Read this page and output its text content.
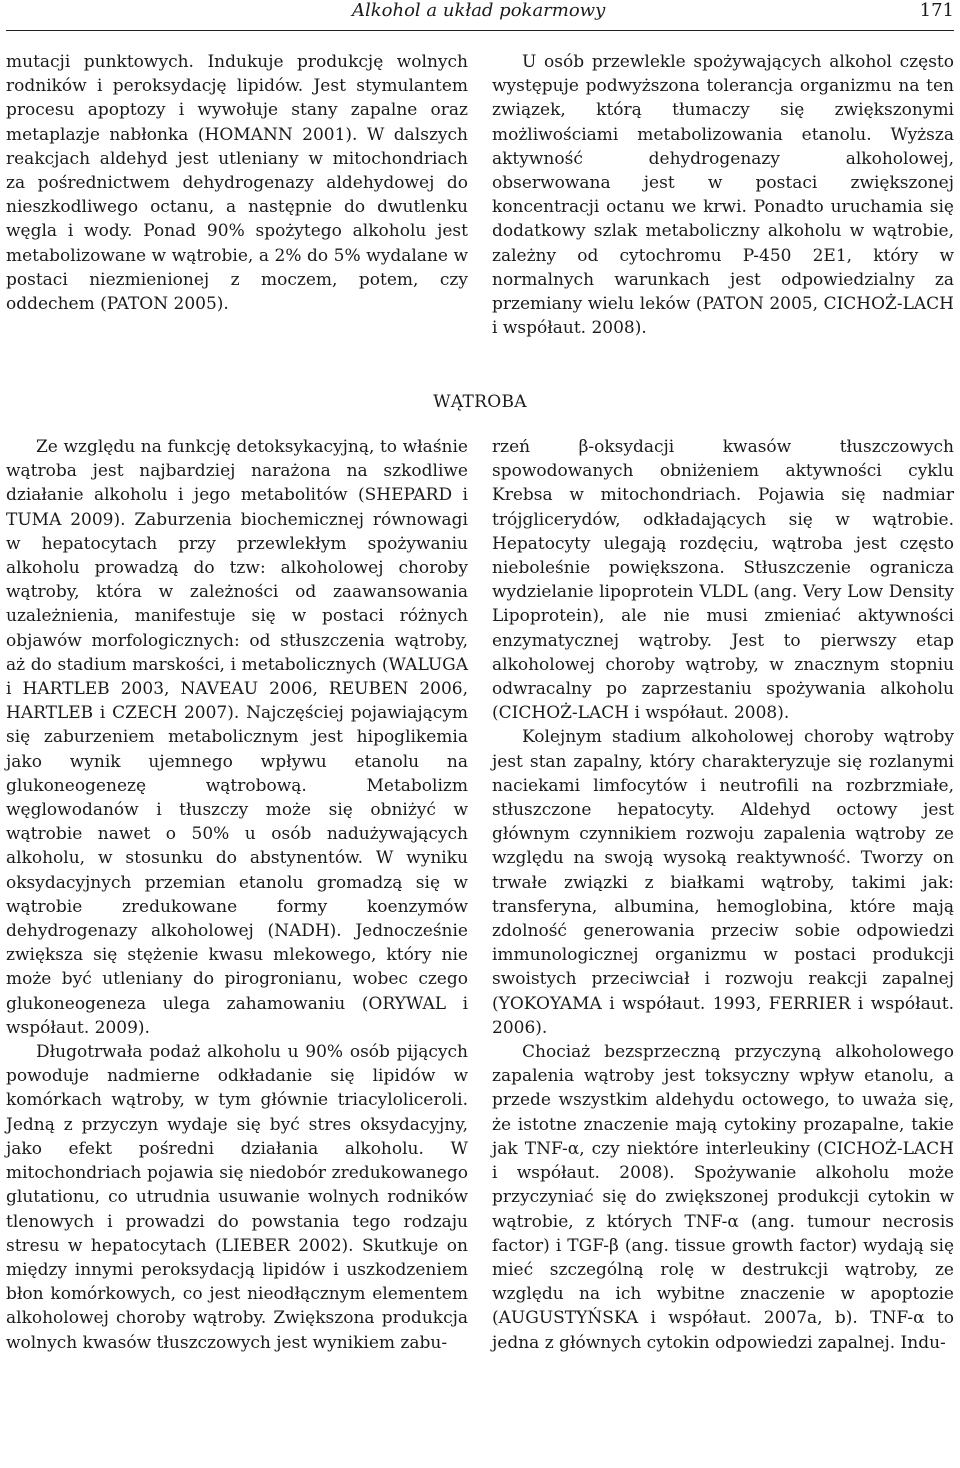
Alkohol a układ pokarmowy	171

mutacji punktowych. Indukuje produkcję wolnych rodników i peroksydację lipidów. Jest stymulantem procesu apoptozy i wywołuje stany zapalne oraz metaplazje nabłonka (HOMANN 2001). W dalszych reakcjach aldehyd jest utleniany w mitochondriach za pośrednictwem dehydrogenazy aldehydowej do nieszkodliwego octanu, a następnie do dwutlenku węgla i wody. Ponad 90% spożytego alkoholu jest metabolizowane w wątrobie, a 2% do 5% wydalane w postaci niezmienionej z moczem, potem, czy oddechem (PATON 2005).

U osób przewlekle spożywających alkohol często występuje podwyższona tolerancja organizmu na ten związek, którą tłumaczy się zwiększonymi możliwościami metabolizowania etanolu. Wyższa aktywność dehydrogenazy alkoholowej, obserwowana jest w postaci zwiększonej koncentracji octanu we krwi. Ponadto uruchamia się dodatkowy szlak metaboliczny alkoholu w wątrobie, zależny od cytochromu P-450 2E1, który w normalnych warunkach jest odpowiedzialny za przemiany wielu leków (PATON 2005, CICHOŻ-LACH i współaut. 2008).

WĄTROBA

Ze względu na funkcję detoksykacyjną, to właśnie wątroba jest najbardziej narażona na szkodliwe działanie alkoholu i jego metabolitów (SHEPARD i TUMA 2009). Zaburzenia biochemicznej równowagi w hepatocytach przy przewlekłym spożywaniu alkoholu prowadzą do tzw: alkoholowej choroby wątroby, która w zależności od zaawansowania uzależnienia, manifestuje się w postaci różnych objawów morfologicznych: od stłuszczenia wątroby, aż do stadium marskości, i metabolicznych (WALUGA i HARTLEB 2003, NAVEAU 2006, REUBEN 2006, HARTLEB i CZECH 2007). Najczęściej pojawiającym się zaburzeniem metabolicznym jest hipoglikemia jako wynik ujemnego wpływu etanolu na glukoneogenezę wątrobową. Metabolizm węglowodanów i tłuszczy może się obniżyć w wątrobie nawet o 50% u osób nadużywających alkoholu, w stosunku do abstynentów. W wyniku oksydacyjnych przemian etanolu gromadzą się w wątrobie zredukowane formy koenzymów dehydrogenazy alkoholowej (NADH). Jednocześnie zwiększa się stężenie kwasu mlekowego, który nie może być utleniany do pirogronianu, wobec czego glukoneogeneza ulega zahamowaniu (ORYWAL i współaut. 2009).

Długotrwała podaż alkoholu u 90% osób pijących powoduje nadmierne odkładanie się lipidów w komórkach wątroby, w tym głównie triacyloliceroli. Jedną z przyczyn wydaje się być stres oksydacyjny, jako efekt pośredni działania alkoholu. W mitochondriach pojawia się niedobór zredukowanego glutationu, co utrudnia usuwanie wolnych rodników tlenowych i prowadzi do powstania tego rodzaju stresu w hepatocytach (LIEBER 2002). Skutkuje on między innymi peroksydacją lipidów i uszkodzeniem błon komórkowych, co jest nieodłącznym elementem alkoholowej choroby wątroby. Zwiększona produkcja wolnych kwasów tłuszczowych jest wynikiem zabu-

rzeń β-oksydacji kwasów tłuszczowych spowodowanych obniżeniem aktywności cyklu Krebsa w mitochondriach. Pojawia się nadmiar trójglicerydów, odkładających się w wątrobie. Hepatocyty ulegają rozdęciu, wątroba jest często nieboleśnie powiększona. Stłuszczenie ogranicza wydzielanie lipoprotein VLDL (ang. Very Low Density Lipoprotein), ale nie musi zmieniać aktywności enzymatycznej wątroby. Jest to pierwszy etap alkoholowej choroby wątroby, w znacznym stopniu odwracalny po zaprzestaniu spożywania alkoholu (CICHOŻ-LACH i współaut. 2008).

Kolejnym stadium alkoholowej choroby wątroby jest stan zapalny, który charakteryzuje się rozlanymi naciekami limfocytów i neutrofili na rozbrzmiałe, stłuszczone hepatocyty. Aldehyd octowy jest głównym czynnikiem rozwoju zapalenia wątroby ze względu na swoją wysoką reaktywność. Tworzy on trwałe związki z białkami wątroby, takimi jak: transferyna, albumina, hemoglobina, które mają zdolność generowania przeciw sobie odpowiedzi immunologicznej organizmu w postaci produkcji swoistych przeciwciał i rozwoju reakcji zapalnej (YOKOYAMA i współaut. 1993, FERRIER i współaut. 2006).

Chociaż bezsprzeczną przyczyną alkoholowego zapalenia wątroby jest toksyczny wpływ etanolu, a przede wszystkim aldehydu octowego, to uważa się, że istotne znaczenie mają cytokiny prozapalne, takie jak TNF-α, czy niektóre interleukiny (CICHOŻ-LACH i współaut. 2008). Spożywanie alkoholu może przyczyniać się do zwiększonej produkcji cytokin w wątrobie, z których TNF-α (ang. tumour necrosis factor) i TGF-β (ang. tissue growth factor) wydają się mieć szczególną rolę w destrukcji wątroby, ze względu na ich wybitne znaczenie w apoptozie (AUGUSTYŃSKA i współaut. 2007a, b). TNF-α to jedna z głównych cytokin odpowiedzi zapalnej. Indu-
